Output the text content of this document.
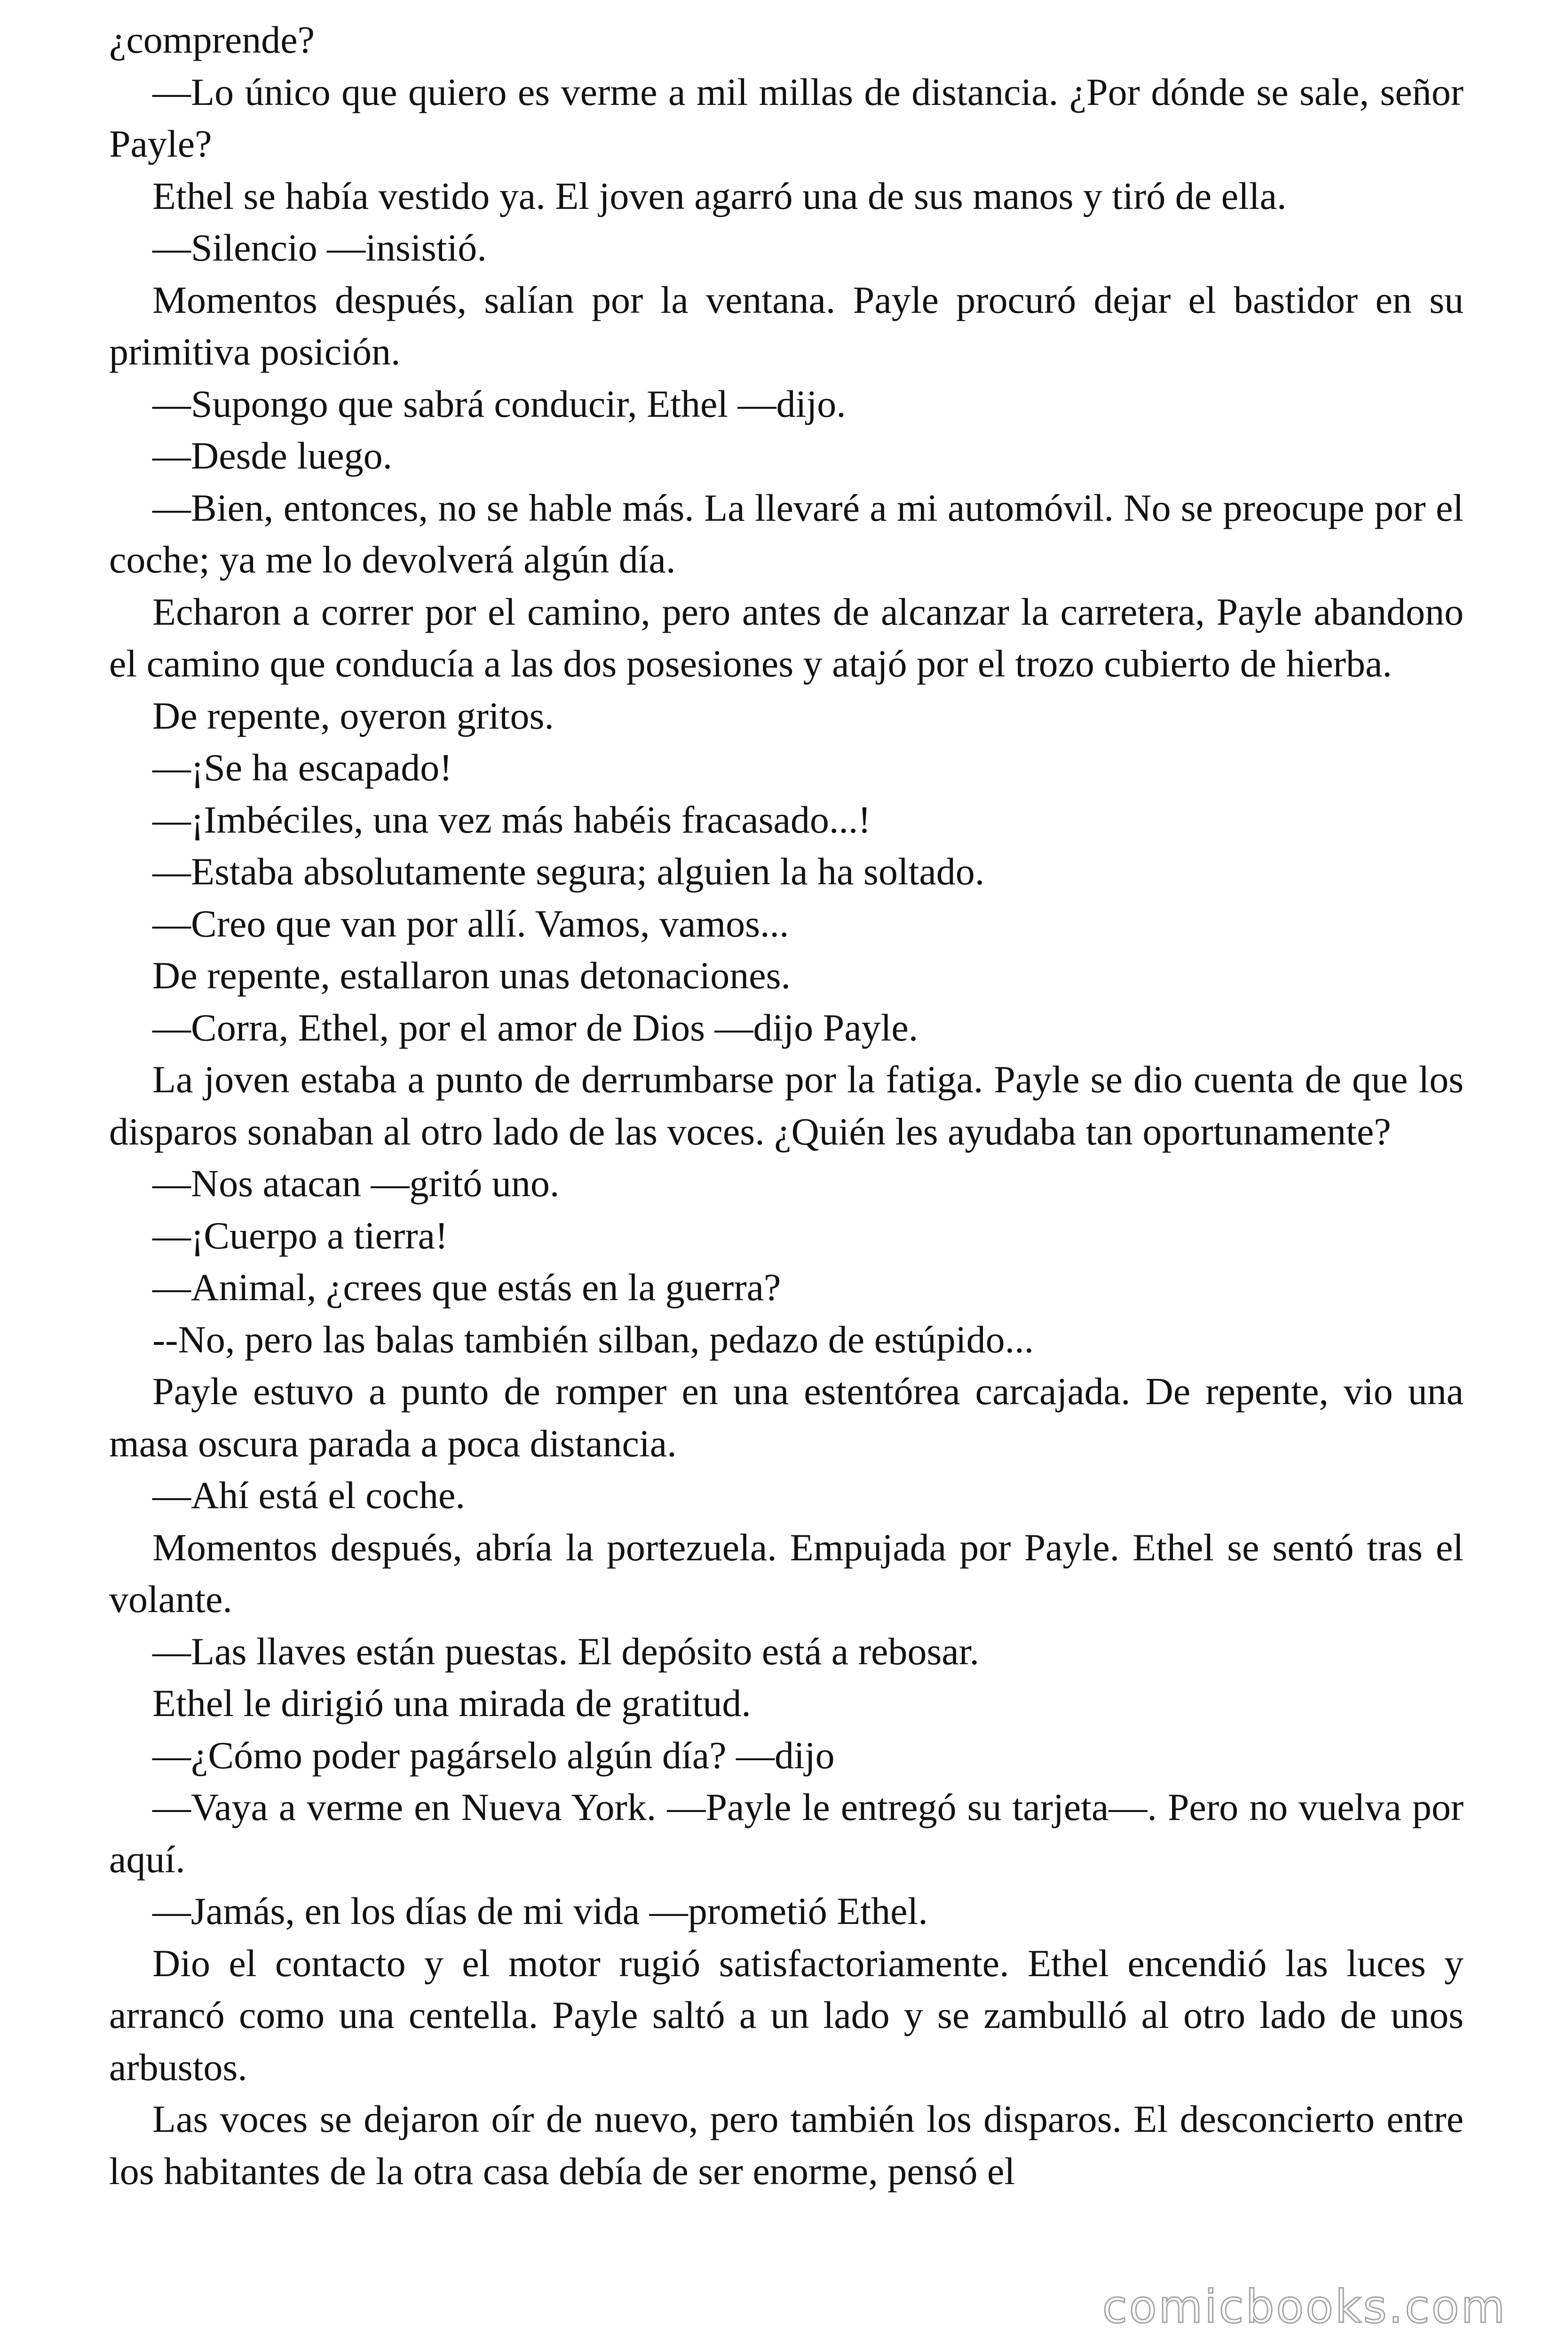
¿comprende?

—Lo único que quiero es verme a mil millas de distancia. ¿Por dónde se sale, señor Payle?

Ethel se había vestido ya. El joven agarró una de sus manos y tiró de ella.

—Silencio —insistió.

Momentos después, salían por la ventana. Payle procuró dejar el bastidor en su primitiva posición.

—Supongo que sabrá conducir, Ethel —dijo.

—Desde luego.

—Bien, entonces, no se hable más. La llevaré a mi automóvil. No se preocupe por el coche; ya me lo devolverá algún día.

Echaron a correr por el camino, pero antes de alcanzar la carretera, Payle abandono el camino que conducía a las dos posesiones y atajó por el trozo cubierto de hierba.

De repente, oyeron gritos.

—¡Se ha escapado!

—¡Imbéciles, una vez más habéis fracasado...!

—Estaba absolutamente segura; alguien la ha soltado.

—Creo que van por allí. Vamos, vamos...

De repente, estallaron unas detonaciones.

—Corra, Ethel, por el amor de Dios —dijo Payle.

La joven estaba a punto de derrumbarse por la fatiga. Payle se dio cuenta de que los disparos sonaban al otro lado de las voces. ¿Quién les ayudaba tan oportunamente?

—Nos atacan —gritó uno.

—¡Cuerpo a tierra!

—Animal, ¿crees que estás en la guerra?

--No, pero las balas también silban, pedazo de estúpido...

Payle estuvo a punto de romper en una estentórea carcajada. De repente, vio una masa oscura parada a poca distancia.

—Ahí está el coche.

Momentos después, abría la portezuela. Empujada por Payle. Ethel se sentó tras el volante.

—Las llaves están puestas. El depósito está a rebosar.

Ethel le dirigió una mirada de gratitud.

—¿Cómo poder pagárselo algún día? —dijo

—Vaya a verme en Nueva York. —Payle le entregó su tarjeta—. Pero no vuelva por aquí.

—Jamás, en los días de mi vida —prometió Ethel.

Dio el contacto y el motor rugió satisfactoriamente. Ethel encendió las luces y arrancó como una centella. Payle saltó a un lado y se zambulló al otro lado de unos arbustos.

Las voces se dejaron oír de nuevo, pero también los disparos. El desconcierto entre los habitantes de la otra casa debía de ser enorme, pensó el

comicbooks.com
